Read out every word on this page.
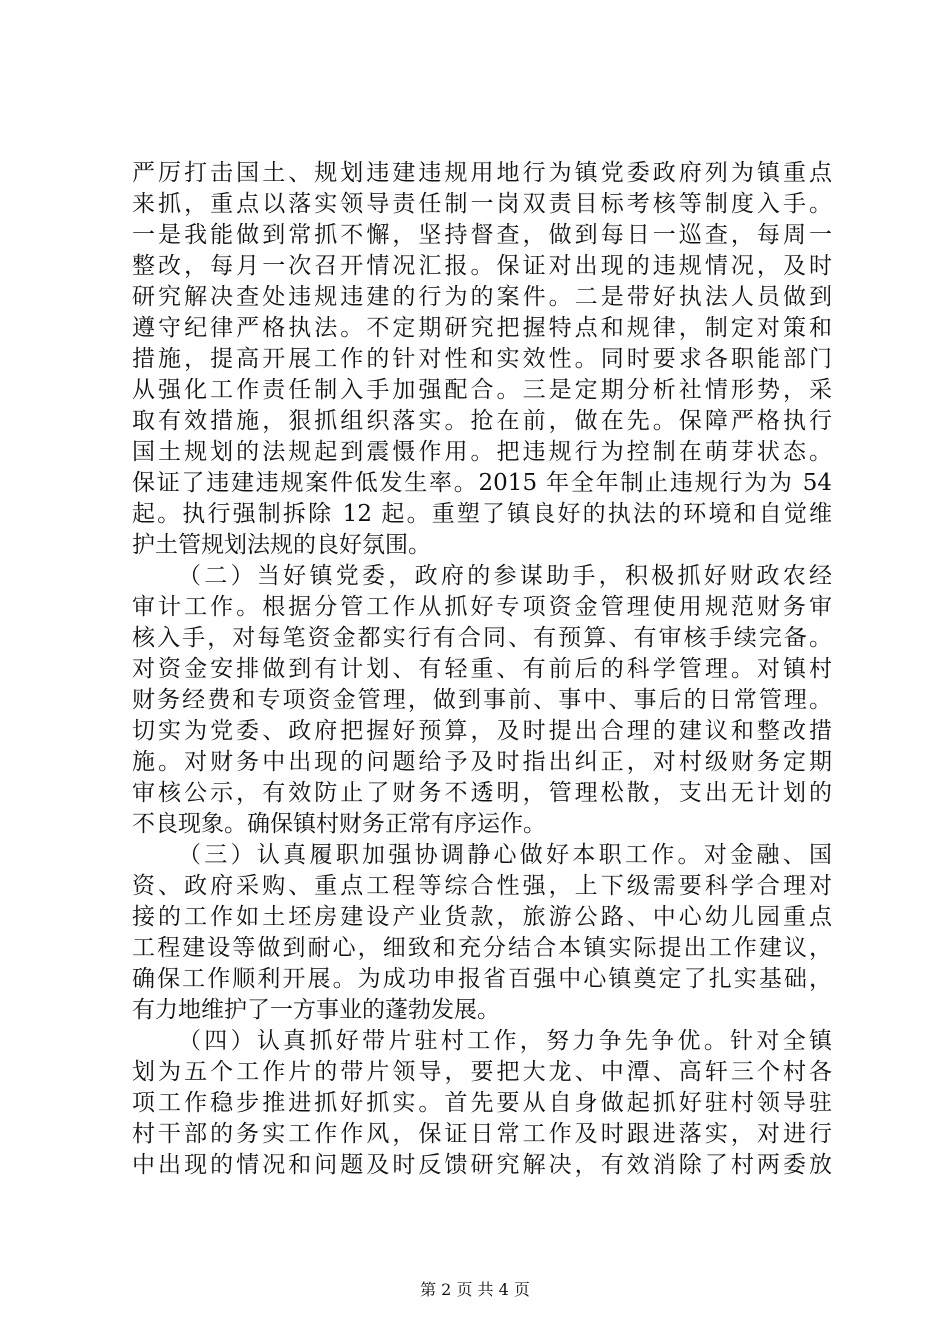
严厉打击国土、规划违建违规用地行为镇党委政府列为镇重点
来抓，重点以落实领导责任制一岗双责目标考核等制度入手。
一是我能做到常抓不懈，坚持督查，做到每日一巡查，每周一
整改，每月一次召开情况汇报。保证对出现的违规情况，及时
研究解决查处违规违建的行为的案件。二是带好执法人员做到
遵守纪律严格执法。不定期研究把握特点和规律，制定对策和
措施，提高开展工作的针对性和实效性。同时要求各职能部门
从强化工作责任制入手加强配合。三是定期分析社情形势，采
取有效措施，狠抓组织落实。抢在前，做在先。保障严格执行
国土规划的法规起到震慑作用。把违规行为控制在萌芽状态。
保证了违建违规案件低发生率。2015 年全年制止违规行为为 54
起。执行强制拆除 12 起。重塑了镇良好的执法的环境和自觉维
护土管规划法规的良好氛围。
（二）当好镇党委，政府的参谋助手，积极抓好财政农经
审计工作。根据分管工作从抓好专项资金管理使用规范财务审
核入手，对每笔资金都实行有合同、有预算、有审核手续完备。
对资金安排做到有计划、有轻重、有前后的科学管理。对镇村
财务经费和专项资金管理，做到事前、事中、事后的日常管理。
切实为党委、政府把握好预算，及时提出合理的建议和整改措
施。对财务中出现的问题给予及时指出纠正，对村级财务定期
审核公示，有效防止了财务不透明，管理松散，支出无计划的
不良现象。确保镇村财务正常有序运作。
（三）认真履职加强协调静心做好本职工作。对金融、国
资、政府采购、重点工程等综合性强，上下级需要科学合理对
接的工作如土坯房建设产业货款，旅游公路、中心幼儿园重点
工程建设等做到耐心，细致和充分结合本镇实际提出工作建议，
确保工作顺利开展。为成功申报省百强中心镇奠定了扎实基础，
有力地维护了一方事业的蓬勃发展。
（四）认真抓好带片驻村工作，努力争先争优。针对全镇
划为五个工作片的带片领导，要把大龙、中潭、高轩三个村各
项工作稳步推进抓好抓实。首先要从自身做起抓好驻村领导驻
村干部的务实工作作风，保证日常工作及时跟进落实，对进行
中出现的情况和问题及时反馈研究解决，有效消除了村两委放
第 2 页 共 4 页
